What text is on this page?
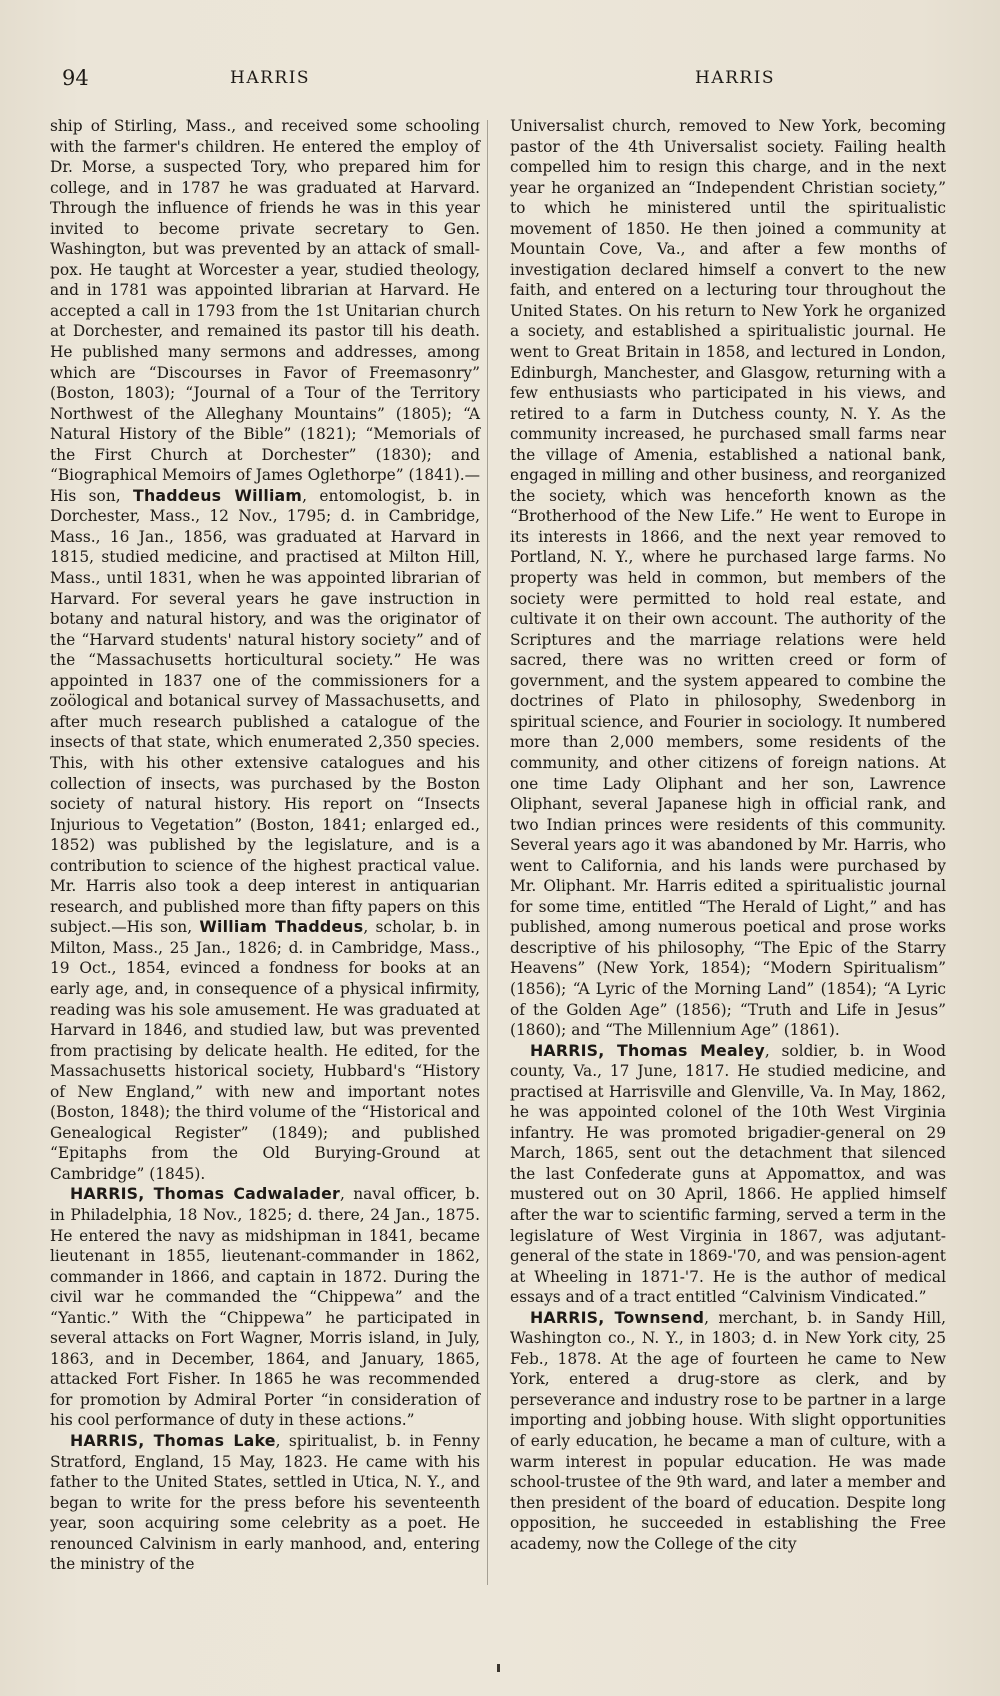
94	HARRIS	HARRIS

ship of Stirling, Mass., and received some schooling with the farmer's children. He entered the employ of Dr. Morse, a suspected Tory, who prepared him for college, and in 1787 he was graduated at Harvard. Through the influence of friends he was in this year invited to become private secretary to Gen. Washington, but was prevented by an attack of small-pox. He taught at Worcester a year, studied theology, and in 1781 was appointed librarian at Harvard. He accepted a call in 1793 from the 1st Unitarian church at Dorchester, and remained its pastor till his death. He published many sermons and addresses, among which are “Discourses in Favor of Freemasonry” (Boston, 1803); “Journal of a Tour of the Territory Northwest of the Alleghany Mountains” (1805); “A Natural History of the Bible” (1821); “Memorials of the First Church at Dorchester” (1830); and “Biographical Memoirs of James Oglethorpe” (1841).—His son, Thaddeus William, entomologist, b. in Dorchester, Mass., 12 Nov., 1795; d. in Cambridge, Mass., 16 Jan., 1856, was graduated at Harvard in 1815, studied medicine, and practised at Milton Hill, Mass., until 1831, when he was appointed librarian of Harvard. For several years he gave instruction in botany and natural history, and was the originator of the “Harvard students' natural history society” and of the “Massachusetts horticultural society.” He was appointed in 1837 one of the commissioners for a zoölogical and botanical survey of Massachusetts, and after much research published a catalogue of the insects of that state, which enumerated 2,350 species. This, with his other extensive catalogues and his collection of insects, was purchased by the Boston society of natural history. His report on “Insects Injurious to Vegetation” (Boston, 1841; enlarged ed., 1852) was published by the legislature, and is a contribution to science of the highest practical value. Mr. Harris also took a deep interest in antiquarian research, and published more than fifty papers on this subject.—His son, William Thaddeus, scholar, b. in Milton, Mass., 25 Jan., 1826; d. in Cambridge, Mass., 19 Oct., 1854, evinced a fondness for books at an early age, and, in consequence of a physical infirmity, reading was his sole amusement. He was graduated at Harvard in 1846, and studied law, but was prevented from practising by delicate health. He edited, for the Massachusetts historical society, Hubbard's “History of New England,” with new and important notes (Boston, 1848); the third volume of the “Historical and Genealogical Register” (1849); and published “Epitaphs from the Old Burying-Ground at Cambridge” (1845).

HARRIS, Thomas Cadwalader, naval officer, b. in Philadelphia, 18 Nov., 1825; d. there, 24 Jan., 1875. He entered the navy as midshipman in 1841, became lieutenant in 1855, lieutenant-commander in 1862, commander in 1866, and captain in 1872. During the civil war he commanded the “Chippewa” and the “Yantic.” With the “Chippewa” he participated in several attacks on Fort Wagner, Morris island, in July, 1863, and in December, 1864, and January, 1865, attacked Fort Fisher. In 1865 he was recommended for promotion by Admiral Porter “in consideration of his cool performance of duty in these actions.”

HARRIS, Thomas Lake, spiritualist, b. in Fenny Stratford, England, 15 May, 1823. He came with his father to the United States, settled in Utica, N. Y., and began to write for the press before his seventeenth year, soon acquiring some celebrity as a poet. He renounced Calvinism in early manhood, and, entering the ministry of the

Universalist church, removed to New York, becoming pastor of the 4th Universalist society. Failing health compelled him to resign this charge, and in the next year he organized an “Independent Christian society,” to which he ministered until the spiritualistic movement of 1850. He then joined a community at Mountain Cove, Va., and after a few months of investigation declared himself a convert to the new faith, and entered on a lecturing tour throughout the United States. On his return to New York he organized a society, and established a spiritualistic journal. He went to Great Britain in 1858, and lectured in London, Edinburgh, Manchester, and Glasgow, returning with a few enthusiasts who participated in his views, and retired to a farm in Dutchess county, N. Y. As the community increased, he purchased small farms near the village of Amenia, established a national bank, engaged in milling and other business, and reorganized the society, which was henceforth known as the “Brotherhood of the New Life.” He went to Europe in its interests in 1866, and the next year removed to Portland, N. Y., where he purchased large farms. No property was held in common, but members of the society were permitted to hold real estate, and cultivate it on their own account. The authority of the Scriptures and the marriage relations were held sacred, there was no written creed or form of government, and the system appeared to combine the doctrines of Plato in philosophy, Swedenborg in spiritual science, and Fourier in sociology. It numbered more than 2,000 members, some residents of the community, and other citizens of foreign nations. At one time Lady Oliphant and her son, Lawrence Oliphant, several Japanese high in official rank, and two Indian princes were residents of this community. Several years ago it was abandoned by Mr. Harris, who went to California, and his lands were purchased by Mr. Oliphant. Mr. Harris edited a spiritualistic journal for some time, entitled “The Herald of Light,” and has published, among numerous poetical and prose works descriptive of his philosophy, “The Epic of the Starry Heavens” (New York, 1854); “Modern Spiritualism” (1856); “A Lyric of the Morning Land” (1854); “A Lyric of the Golden Age” (1856); “Truth and Life in Jesus” (1860); and “The Millennium Age” (1861).

HARRIS, Thomas Mealey, soldier, b. in Wood county, Va., 17 June, 1817. He studied medicine, and practised at Harrisville and Glenville, Va. In May, 1862, he was appointed colonel of the 10th West Virginia infantry. He was promoted brigadier-general on 29 March, 1865, sent out the detachment that silenced the last Confederate guns at Appomattox, and was mustered out on 30 April, 1866. He applied himself after the war to scientific farming, served a term in the legislature of West Virginia in 1867, was adjutant-general of the state in 1869-'70, and was pension-agent at Wheeling in 1871-'7. He is the author of medical essays and of a tract entitled “Calvinism Vindicated.”

HARRIS, Townsend, merchant, b. in Sandy Hill, Washington co., N. Y., in 1803; d. in New York city, 25 Feb., 1878. At the age of fourteen he came to New York, entered a drug-store as clerk, and by perseverance and industry rose to be partner in a large importing and jobbing house. With slight opportunities of early education, he became a man of culture, with a warm interest in popular education. He was made school-trustee of the 9th ward, and later a member and then president of the board of education. Despite long opposition, he succeeded in establishing the Free academy, now the College of the city
